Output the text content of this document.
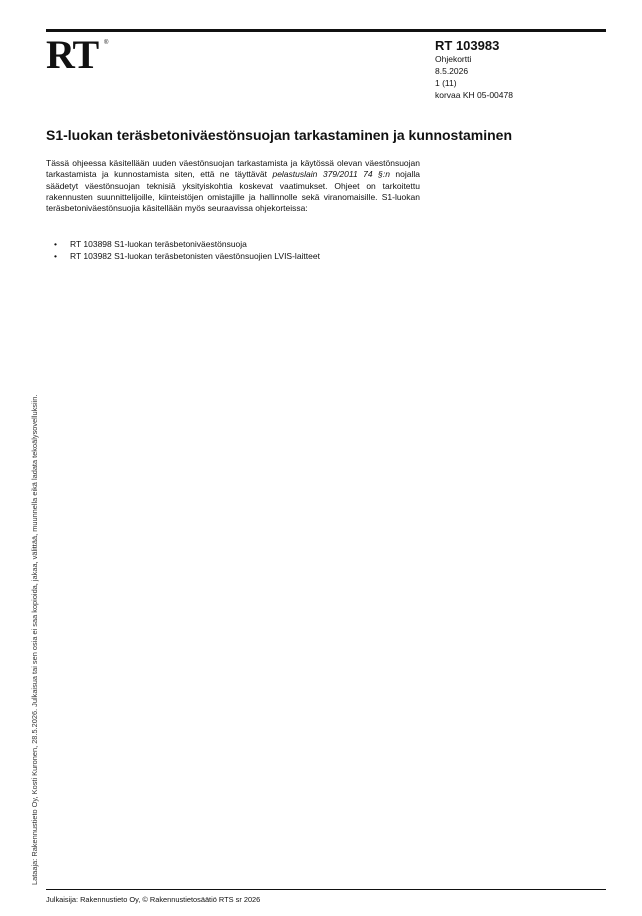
RT ®	RT 103983
Ohjekortti
8.5.2026
1 (11)
korvaa KH 05-00478
S1-luokan teräsbetoniväestönsuojan tarkastaminen ja kunnostaminen

Tässä ohjeessa käsitellään uuden väestönsuojan tarkastamista ja käytössä olevan väestönsuojan tarkastamista ja kunnostamista siten, että ne täyttävät pelastuslain 379/2011 74 §:n nojalla säädetyt väestönsuojan teknisiä yksityiskohtia koskevat vaatimukset. Ohjeet on tarkoitettu rakennusten suunnittelijoille, kiinteistöjen omistajille ja hallinnolle sekä viranomaisille. S1-luokan teräsbetoniväestönsuojia käsitellään myös seuraavissa ohjekorteissa:

• RT 103898 S1-luokan teräsbetoniväestönsuoja
• RT 103982 S1-luokan teräsbetonisten väestönsuojien LVIS-laitteet
Lataaja: Rakennustieto Oy, Kosti Kuronen, 28.5.2026. Julkaisua tai sen osia ei saa kopioida, jakaa, välittää, muunnella eikä ladata tekoälysovelluksiin.
Julkaisija: Rakennustieto Oy, © Rakennustietosäätiö RTS sr 2026
